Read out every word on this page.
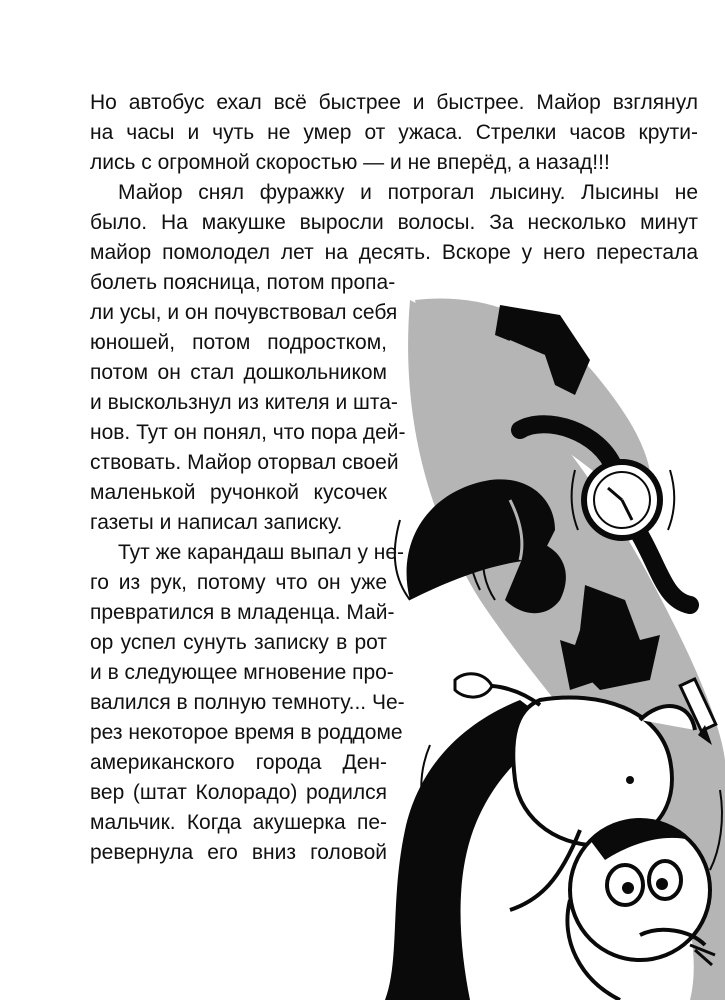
Но автобус ехал всё быстрее и быстрее. Майор взглянул
на часы и чуть не умер от ужаса. Стрелки часов крути-
лись с огромной скоростью — и не вперёд, а назад!!!
Майор снял фуражку и потрогал лысину. Лысины не
было. На макушке выросли волосы. За несколько минут
майор помолодел лет на десять. Вскоре у него перестала
болеть поясница, потом пропа-
ли усы, и он почувствовал себя
юношей, потом подростком,
потом он стал дошкольником
и выскользнул из кителя и шта-
нов. Тут он понял, что пора дей-
ствовать. Майор оторвал своей
маленькой ручонкой кусочек
газеты и написал записку.
Тут же карандаш выпал у не-
го из рук, потому что он уже
превратился в младенца. Май-
ор успел сунуть записку в рот
и в следующее мгновение про-
валился в полную темноту... Че-
рез некоторое время в роддоме
американского города Ден-
вер (штат Колорадо) родился
мальчик. Когда акушерка пе-
ревернула его вниз головой
